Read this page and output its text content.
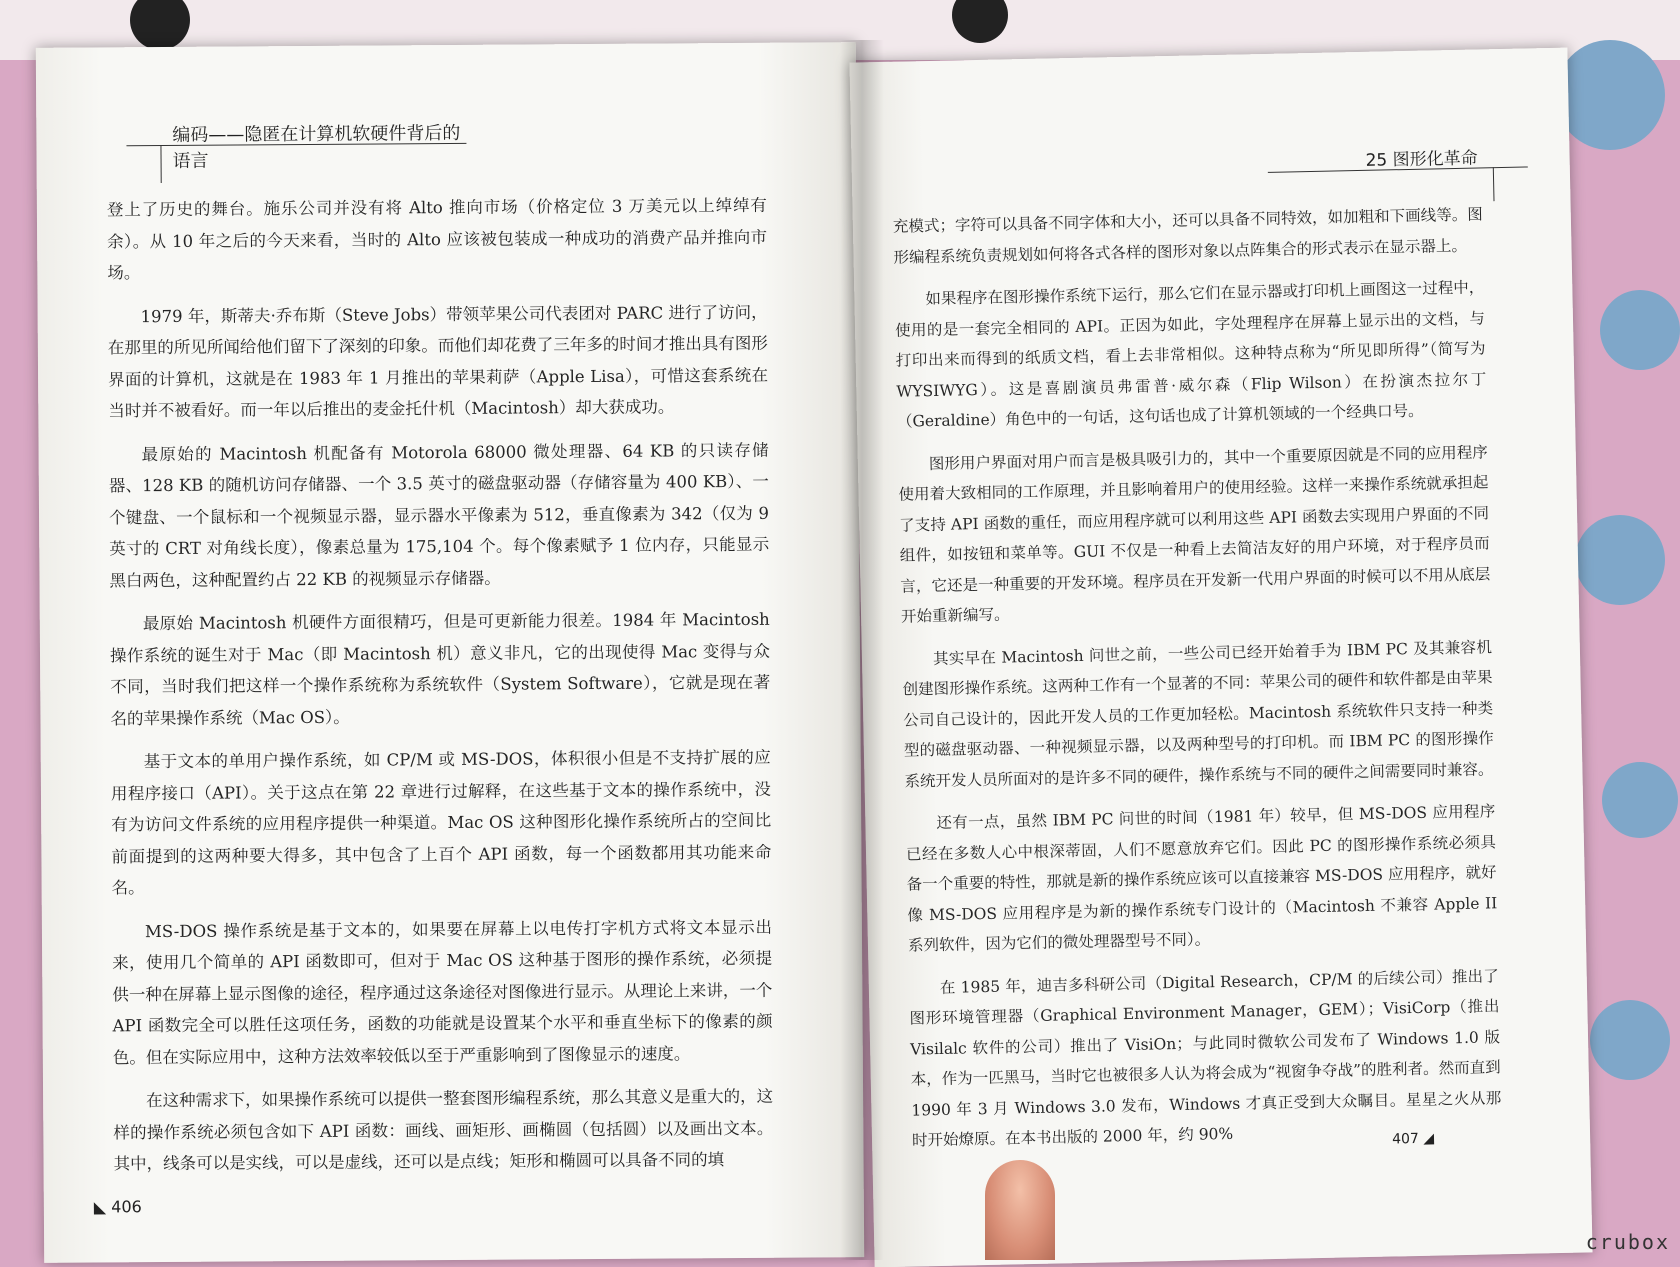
编码——隐匿在计算机软硬件背后的语言

登上了历史的舞台。施乐公司并没有将 Alto 推向市场（价格定位 3 万美元以上绰绰有余）。从 10 年之后的今天来看，当时的 Alto 应该被包装成一种成功的消费产品并推向市场。

1979 年，斯蒂夫·乔布斯（Steve Jobs）带领苹果公司代表团对 PARC 进行了访问，在那里的所见所闻给他们留下了深刻的印象。而他们却花费了三年多的时间才推出具有图形界面的计算机，这就是在 1983 年 1 月推出的苹果莉萨（Apple Lisa），可惜这套系统在当时并不被看好。而一年以后推出的麦金托什机（Macintosh）却大获成功。

最原始的 Macintosh 机配备有 Motorola 68000 微处理器、64 KB 的只读存储器、128 KB 的随机访问存储器、一个 3.5 英寸的磁盘驱动器（存储容量为 400 KB）、一个键盘、一个鼠标和一个视频显示器，显示器水平像素为 512，垂直像素为 342（仅为 9 英寸的 CRT 对角线长度），像素总量为 175,104 个。每个像素赋予 1 位内存，只能显示黑白两色，这种配置约占 22 KB 的视频显示存储器。

最原始 Macintosh 机硬件方面很精巧，但是可更新能力很差。1984 年 Macintosh 操作系统的诞生对于 Mac（即 Macintosh 机）意义非凡，它的出现使得 Mac 变得与众不同，当时我们把这样一个操作系统称为系统软件（System Software），它就是现在著名的苹果操作系统（Mac OS）。

基于文本的单用户操作系统，如 CP/M 或 MS-DOS，体积很小但是不支持扩展的应用程序接口（API）。关于这点在第 22 章进行过解释，在这些基于文本的操作系统中，没有为访问文件系统的应用程序提供一种渠道。Mac OS 这种图形化操作系统所占的空间比前面提到的这两种要大得多，其中包含了上百个 API 函数，每一个函数都用其功能来命名。

MS-DOS 操作系统是基于文本的，如果要在屏幕上以电传打字机方式将文本显示出来，使用几个简单的 API 函数即可，但对于 Mac OS 这种基于图形的操作系统，必须提供一种在屏幕上显示图像的途径，程序通过这条途径对图像进行显示。从理论上来讲，一个 API 函数完全可以胜任这项任务，函数的功能就是设置某个水平和垂直坐标下的像素的颜色。但在实际应用中，这种方法效率较低以至于严重影响到了图像显示的速度。

在这种需求下，如果操作系统可以提供一整套图形编程系统，那么其意义是重大的，这样的操作系统必须包含如下 API 函数：画线、画矩形、画椭圆（包括圆）以及画出文本。其中，线条可以是实线，可以是虚线，还可以是点线；矩形和椭圆可以具备不同的填

◣ 406
25 图形化革命

充模式；字符可以具备不同字体和大小，还可以具备不同特效，如加粗和下画线等。图形编程系统负责规划如何将各式各样的图形对象以点阵集合的形式表示在显示器上。

如果程序在图形操作系统下运行，那么它们在显示器或打印机上画图这一过程中，使用的是一套完全相同的 API。正因为如此，字处理程序在屏幕上显示出的文档，与打印出来而得到的纸质文档，看上去非常相似。这种特点称为“所见即所得”（简写为 WYSIWYG）。这是喜剧演员弗雷普·威尔森（Flip Wilson）在扮演杰拉尔丁（Geraldine）角色中的一句话，这句话也成了计算机领域的一个经典口号。

图形用户界面对用户而言是极具吸引力的，其中一个重要原因就是不同的应用程序使用着大致相同的工作原理，并且影响着用户的使用经验。这样一来操作系统就承担起了支持 API 函数的重任，而应用程序就可以利用这些 API 函数去实现用户界面的不同组件，如按钮和菜单等。GUI 不仅是一种看上去简洁友好的用户环境，对于程序员而言，它还是一种重要的开发环境。程序员在开发新一代用户界面的时候可以不用从底层开始重新编写。

其实早在 Macintosh 问世之前，一些公司已经开始着手为 IBM PC 及其兼容机创建图形操作系统。这两种工作有一个显著的不同：苹果公司的硬件和软件都是由苹果公司自己设计的，因此开发人员的工作更加轻松。Macintosh 系统软件只支持一种类型的磁盘驱动器、一种视频显示器，以及两种型号的打印机。而 IBM PC 的图形操作系统开发人员所面对的是许多不同的硬件，操作系统与不同的硬件之间需要同时兼容。

还有一点，虽然 IBM PC 问世的时间（1981 年）较早，但 MS-DOS 应用程序已经在多数人心中根深蒂固，人们不愿意放弃它们。因此 PC 的图形操作系统必须具备一个重要的特性，那就是新的操作系统应该可以直接兼容 MS-DOS 应用程序，就好像 MS-DOS 应用程序是为新的操作系统专门设计的（Macintosh 不兼容 Apple II 系列软件，因为它们的微处理器型号不同）。

在 1985 年，迪吉多科研公司（Digital Research，CP/M 的后续公司）推出了图形环境管理器（Graphical Environment Manager，GEM）；VisiCorp（推出 Visilalc 软件的公司）推出了 VisiOn；与此同时微软公司发布了 Windows 1.0 版本，作为一匹黑马，当时它也被很多人认为将会成为“视窗争夺战”的胜利者。然而直到 1990 年 3 月 Windows 3.0 发布，Windows 才真正受到大众瞩目。星星之火从那时开始燎原。在本书出版的 2000 年，约 90%	407 ◢
crubox
